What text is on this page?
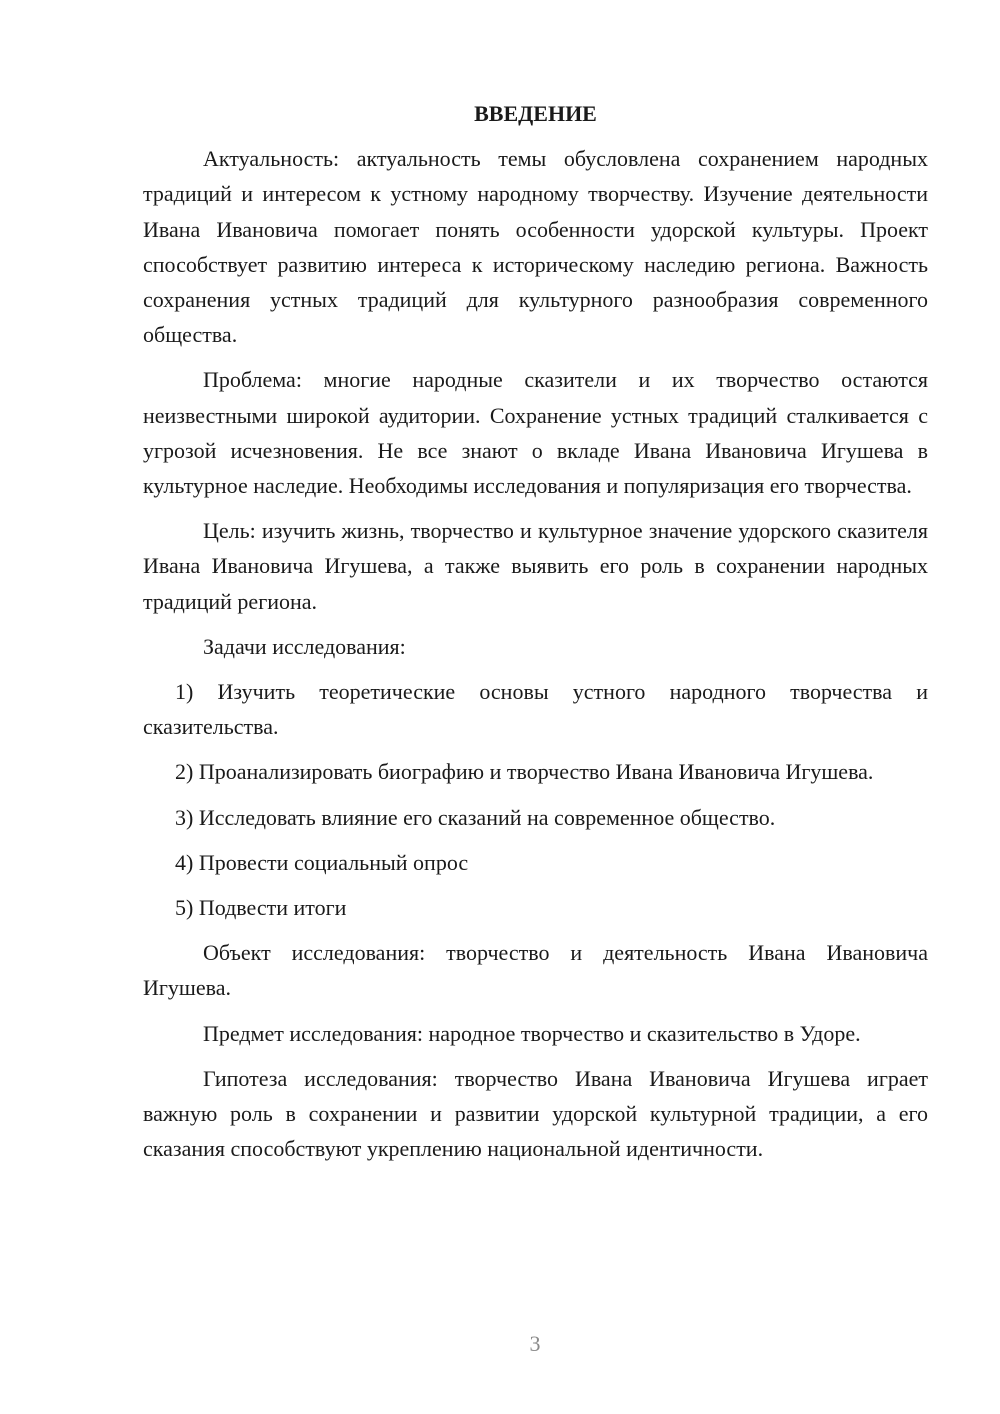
ВВЕДЕНИЕ
Актуальность: актуальность темы обусловлена сохранением народных традиций и интересом к устному народному творчеству. Изучение деятельности Ивана Ивановича помогает понять особенности удорской культуры. Проект способствует развитию интереса к историческому наследию региона. Важность сохранения устных традиций для культурного разнообразия современного общества.
Проблема: многие народные сказители и их творчество остаются неизвестными широкой аудитории. Сохранение устных традиций сталкивается с угрозой исчезновения. Не все знают о вкладе Ивана Ивановича Игушева в культурное наследие. Необходимы исследования и популяризация его творчества.
Цель: изучить жизнь, творчество и культурное значение удорского сказителя Ивана Ивановича Игушева, а также выявить его роль в сохранении народных традиций региона.
Задачи исследования:
1) Изучить теоретические основы устного народного творчества и сказительства.
2) Проанализировать биографию и творчество Ивана Ивановича Игушева.
3) Исследовать влияние его сказаний на современное общество.
4) Провести социальный опрос
5) Подвести итоги
Объект исследования: творчество и деятельность Ивана Ивановича Игушева.
Предмет исследования: народное творчество и сказительство в Удоре.
Гипотеза исследования: творчество Ивана Ивановича Игушева играет важную роль в сохранении и развитии удорской культурной традиции, а его сказания способствуют укреплению национальной идентичности.
3
